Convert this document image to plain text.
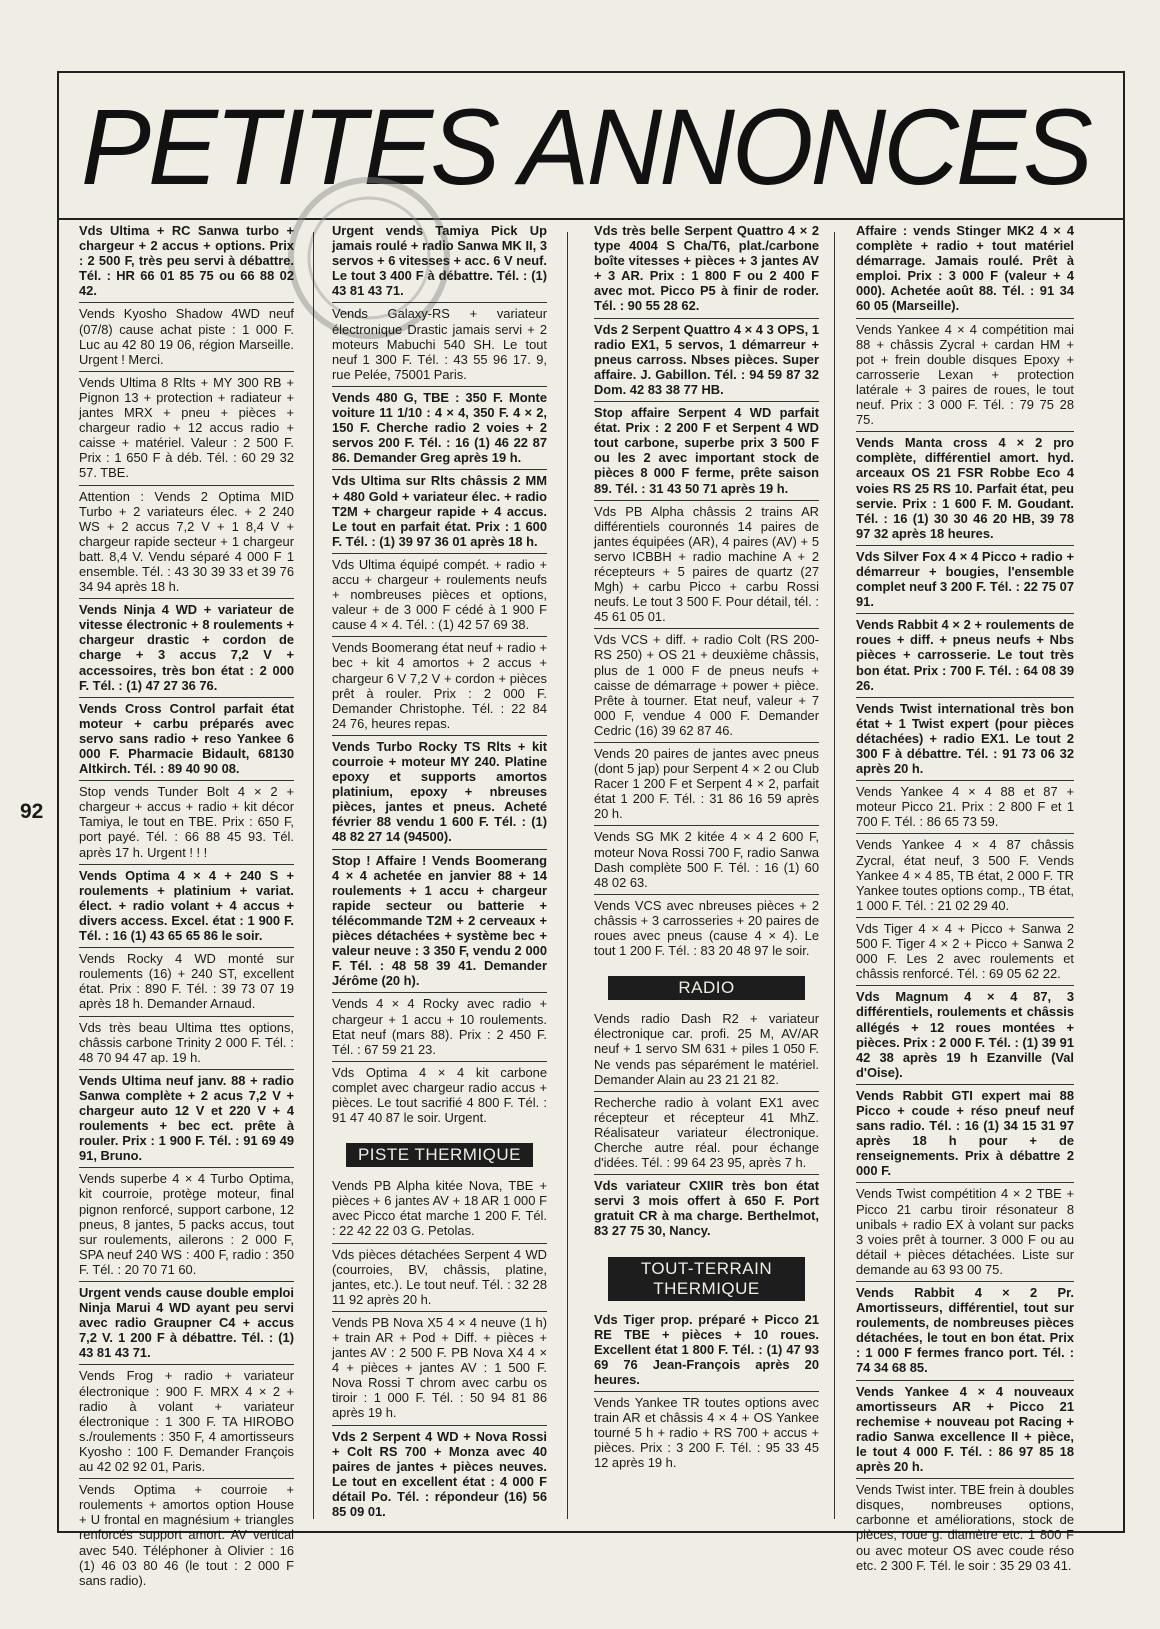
92
PETITES ANNONCES
Vds Ultima + RC Sanwa turbo + chargeur + 2 accus + options. Prix : 2 500 F, très peu servi à débattre. Tél. : HR 66 01 85 75 ou 66 88 02 42.
Vends Kyosho Shadow 4WD neuf (07/8) cause achat piste : 1 000 F. Luc au 42 80 19 06, région Marseille. Urgent ! Merci.
Vends Ultima 8 Rlts + MY 300 RB + Pignon 13 + protection + radiateur + jantes MRX + pneu + pièces + chargeur radio + 12 accus radio + caisse + matériel. Valeur : 2 500 F. Prix : 1 650 F à déb. Tél. : 60 29 32 57. TBE.
Attention : Vends 2 Optima MID Turbo + 2 variateurs élec. + 2 240 WS + 2 accus 7,2 V + 1 8,4 V + chargeur rapide secteur + 1 chargeur batt. 8,4 V. Vendu séparé 4 000 F 1 ensemble. Tél. : 43 30 39 33 et 39 76 34 94 après 18 h.
Vends Ninja 4 WD + variateur de vitesse électronic + 8 roulements + chargeur drastic + cordon de charge + 3 accus 7,2 V + accessoires, très bon état : 2 000 F. Tél. : (1) 47 27 36 76.
Vends Cross Control parfait état moteur + carbu préparés avec servo sans radio + reso Yankee 6 000 F. Pharmacie Bidault, 68130 Altkirch. Tél. : 89 40 90 08.
Stop vends Tunder Bolt 4 × 2 + chargeur + accus + radio + kit décor Tamiya, le tout en TBE. Prix : 650 F, port payé. Tél. : 66 88 45 93. Tél. après 17 h. Urgent ! ! !
Vends Optima 4 × 4 + 240 S + roulements + platinium + variat. élect. + radio volant + 4 accus + divers access. Excel. état : 1 900 F. Tél. : 16 (1) 43 65 65 86 le soir.
Vends Rocky 4 WD monté sur roulements (16) + 240 ST, excellent état. Prix : 890 F. Tél. : 39 73 07 19 après 18 h. Demander Arnaud.
Vds très beau Ultima ttes options, châssis carbone Trinity 2 000 F. Tél. : 48 70 94 47 ap. 19 h.
Vends Ultima neuf janv. 88 + radio Sanwa complète + 2 acus 7,2 V + chargeur auto 12 V et 220 V + 4 roulements + bec ect. prête à rouler. Prix : 1 900 F. Tél. : 91 69 49 91, Bruno.
Vends superbe 4 × 4 Turbo Optima, kit courroie, protège moteur, final pignon renforcé, support carbone, 12 pneus, 8 jantes, 5 packs accus, tout sur roulements, ailerons : 2 000 F, SPA neuf 240 WS : 400 F, radio : 350 F. Tél. : 20 70 71 60.
Urgent vends cause double emploi Ninja Marui 4 WD ayant peu servi avec radio Graupner C4 + accus 7,2 V. 1 200 F à débattre. Tél. : (1) 43 81 43 71.
Vends Frog + radio + variateur électronique : 900 F. MRX 4 × 2 + radio à volant + variateur électronique : 1 300 F. TA HIROBO s./roulements : 350 F, 4 amortisseurs Kyosho : 100 F. Demander François au 42 02 92 01, Paris.
Vends Optima + courroie + roulements + amortos option House + U frontal en magnésium + triangles renforcés support amort. AV vertical avec 540. Téléphoner à Olivier : 16 (1) 46 03 80 46 (le tout : 2 000 F sans radio).
Urgent vends Tamiya Pick Up jamais roulé + radio Sanwa MK II, 3 servos + 6 vitesses + acc. 6 V neuf. Le tout 3 400 F à débattre. Tél. : (1) 43 81 43 71.
Vends Galaxy-RS + variateur électronique Drastic jamais servi + 2 moteurs Mabuchi 540 SH. Le tout neuf 1 300 F. Tél. : 43 55 96 17. 9, rue Pelée, 75001 Paris.
Vends 480 G, TBE : 350 F. Monte voiture 11 1/10 : 4 × 4, 350 F. 4 × 2, 150 F. Cherche radio 2 voies + 2 servos 200 F. Tél. : 16 (1) 46 22 87 86. Demander Greg après 19 h.
Vds Ultima sur Rlts châssis 2 MM + 480 Gold + variateur élec. + radio T2M + chargeur rapide + 4 accus. Le tout en parfait état. Prix : 1 600 F. Tél. : (1) 39 97 36 01 après 18 h.
Vds Ultima équipé compét. + radio + accu + chargeur + roulements neufs + nombreuses pièces et options, valeur + de 3 000 F cédé à 1 900 F cause 4 × 4. Tél. : (1) 42 57 69 38.
Vends Boomerang état neuf + radio + bec + kit 4 amortos + 2 accus + chargeur 6 V 7,2 V + cordon + pièces prêt à rouler. Prix : 2 000 F. Demander Christophe. Tél. : 22 84 24 76, heures repas.
Vends Turbo Rocky TS Rlts + kit courroie + moteur MY 240. Platine epoxy et supports amortos platinium, epoxy + nbreuses pièces, jantes et pneus. Acheté février 88 vendu 1 600 F. Tél. : (1) 48 82 27 14 (94500).
Stop ! Affaire ! Vends Boomerang 4 × 4 achetée en janvier 88 + 14 roulements + 1 accu + chargeur rapide secteur ou batterie + télécommande T2M + 2 cerveaux + pièces détachées + système bec + valeur neuve : 3 350 F, vendu 2 000 F. Tél. : 48 58 39 41. Demander Jérôme (20 h).
Vends 4 × 4 Rocky avec radio + chargeur + 1 accu + 10 roulements. Etat neuf (mars 88). Prix : 2 450 F. Tél. : 67 59 21 23.
Vds Optima 4 × 4 kit carbone complet avec chargeur radio accus + pièces. Le tout sacrifié 4 800 F. Tél. : 91 47 40 87 le soir. Urgent.
PISTE THERMIQUE
Vends PB Alpha kitée Nova, TBE + pièces + 6 jantes AV + 18 AR 1 000 F avec Picco état marche 1 200 F. Tél. : 22 42 22 03 G. Petolas.
Vds pièces détachées Serpent 4 WD (courroies, BV, châssis, platine, jantes, etc.). Le tout neuf. Tél. : 32 28 11 92 après 20 h.
Vends PB Nova X5 4 × 4 neuve (1 h) + train AR + Pod + Diff. + pièces + jantes AV : 2 500 F. PB Nova X4 4 × 4 + pièces + jantes AV : 1 500 F. Nova Rossi T chrom avec carbu os tiroir : 1 000 F. Tél. : 50 94 81 86 après 19 h.
Vds 2 Serpent 4 WD + Nova Rossi + Colt RS 700 + Monza avec 40 paires de jantes + pièces neuves. Le tout en excellent état : 4 000 F détail Po. Tél. : répondeur (16) 56 85 09 01.
Vds très belle Serpent Quattro 4 × 2 type 4004 S Cha/T6, plat./carbone boîte vitesses + pièces + 3 jantes AV + 3 AR. Prix : 1 800 F ou 2 400 F avec mot. Picco P5 à finir de roder. Tél. : 90 55 28 62.
Vds 2 Serpent Quattro 4 × 4 3 OPS, 1 radio EX1, 5 servos, 1 démarreur + pneus carross. Nbses pièces. Super affaire. J. Gabillon. Tél. : 94 59 87 32 Dom. 42 83 38 77 HB.
Stop affaire Serpent 4 WD parfait état. Prix : 2 200 F et Serpent 4 WD tout carbone, superbe prix 3 500 F ou les 2 avec important stock de pièces 8 000 F ferme, prête saison 89. Tél. : 31 43 50 71 après 19 h.
Vds PB Alpha châssis 2 trains AR différentiels couronnés 14 paires de jantes équipées (AR), 4 paires (AV) + 5 servo ICBBH + radio machine A + 2 récepteurs + 5 paires de quartz (27 Mgh) + carbu Picco + carbu Rossi neufs. Le tout 3 500 F. Pour détail, tél. : 45 61 05 01.
Vds VCS + diff. + radio Colt (RS 200-RS 250) + OS 21 + deuxième châssis, plus de 1 000 F de pneus neufs + caisse de démarrage + power + pièce. Prête à tourner. Etat neuf, valeur + 7 000 F, vendue 4 000 F. Demander Cedric (16) 39 62 87 46.
Vends 20 paires de jantes avec pneus (dont 5 jap) pour Serpent 4 × 2 ou Club Racer 1 200 F et Serpent 4 × 2, parfait état 1 200 F. Tél. : 31 86 16 59 après 20 h.
Vends SG MK 2 kitée 4 × 4 2 600 F, moteur Nova Rossi 700 F, radio Sanwa Dash complète 500 F. Tél. : 16 (1) 60 48 02 63.
Vends VCS avec nbreuses pièces + 2 châssis + 3 carrosseries + 20 paires de roues avec pneus (cause 4 × 4). Le tout 1 200 F. Tél. : 83 20 48 97 le soir.
RADIO
Vends radio Dash R2 + variateur électronique car. profi. 25 M, AV/AR neuf + 1 servo SM 631 + piles 1 050 F. Ne vends pas séparément le matériel. Demander Alain au 23 21 21 82.
Recherche radio à volant EX1 avec récepteur et récepteur 41 MhZ. Réalisateur variateur électronique. Cherche autre réal. pour échange d'idées. Tél. : 99 64 23 95, après 7 h.
Vds variateur CXIIR très bon état servi 3 mois offert à 650 F. Port gratuit CR à ma charge. Berthelmot, 83 27 75 30, Nancy.
TOUT-TERRAIN THERMIQUE
Vds Tiger prop. préparé + Picco 21 RE TBE + pièces + 10 roues. Excellent état 1 800 F. Tél. : (1) 47 93 69 76 Jean-François après 20 heures.
Vends Yankee TR toutes options avec train AR et châssis 4 × 4 + OS Yankee tourné 5 h + radio + RS 700 + accus + pièces. Prix : 3 200 F. Tél. : 95 33 45 12 après 19 h.
Affaire : vends Stinger MK2 4 × 4 complète + radio + tout matériel démarrage. Jamais roulé. Prêt à emploi. Prix : 3 000 F (valeur + 4 000). Achetée août 88. Tél. : 91 34 60 05 (Marseille).
Vends Yankee 4 × 4 compétition mai 88 + châssis Zycral + cardan HM + pot + frein double disques Epoxy + carrosserie Lexan + protection latérale + 3 paires de roues, le tout neuf. Prix : 3 000 F. Tél. : 79 75 28 75.
Vends Manta cross 4 × 2 pro complète, différentiel amort. hyd. arceaux OS 21 FSR Robbe Eco 4 voies RS 25 RS 10. Parfait état, peu servie. Prix : 1 600 F. M. Goudant. Tél. : 16 (1) 30 30 46 20 HB, 39 78 97 32 après 18 heures.
Vds Silver Fox 4 × 4 Picco + radio + démarreur + bougies, l'ensemble complet neuf 3 200 F. Tél. : 22 75 07 91.
Vends Rabbit 4 × 2 + roulements de roues + diff. + pneus neufs + Nbs pièces + carrosserie. Le tout très bon état. Prix : 700 F. Tél. : 64 08 39 26.
Vends Twist international très bon état + 1 Twist expert (pour pièces détachées) + radio EX1. Le tout 2 300 F à débattre. Tél. : 91 73 06 32 après 20 h.
Vends Yankee 4 × 4 88 et 87 + moteur Picco 21. Prix : 2 800 F et 1 700 F. Tél. : 86 65 73 59.
Vends Yankee 4 × 4 87 châssis Zycral, état neuf, 3 500 F. Vends Yankee 4 × 4 85, TB état, 2 000 F. TR Yankee toutes options comp., TB état, 1 000 F. Tél. : 21 02 29 40.
Vds Tiger 4 × 4 + Picco + Sanwa 2 500 F. Tiger 4 × 2 + Picco + Sanwa 2 000 F. Les 2 avec roulements et châssis renforcé. Tél. : 69 05 62 22.
Vds Magnum 4 × 4 87, 3 différentiels, roulements et châssis allégés + 12 roues montées + pièces. Prix : 2 000 F. Tél. : (1) 39 91 42 38 après 19 h Ezanville (Val d'Oise).
Vends Rabbit GTI expert mai 88 Picco + coude + réso pneuf neuf sans radio. Tél. : 16 (1) 34 15 31 97 après 18 h pour + de renseignements. Prix à débattre 2 000 F.
Vends Twist compétition 4 × 2 TBE + Picco 21 carbu tiroir résonateur 8 unibals + radio EX à volant sur packs 3 voies prêt à tourner. 3 000 F ou au détail + pièces détachées. Liste sur demande au 63 93 00 75.
Vends Rabbit 4 × 2 Pr. Amortisseurs, différentiel, tout sur roulements, de nombreuses pièces détachées, le tout en bon état. Prix : 1 000 F fermes franco port. Tél. : 74 34 68 85.
Vends Yankee 4 × 4 nouveaux amortisseurs AR + Picco 21 rechemise + nouveau pot Racing + radio Sanwa excellence II + pièce, le tout 4 000 F. Tél. : 86 97 85 18 après 20 h.
Vends Twist inter. TBE frein à doubles disques, nombreuses options, carbonne et améliorations, stock de pièces, roue g. diamètre etc. 1 800 F ou avec moteur OS avec coude réso etc. 2 300 F. Tél. le soir : 35 29 03 41.
